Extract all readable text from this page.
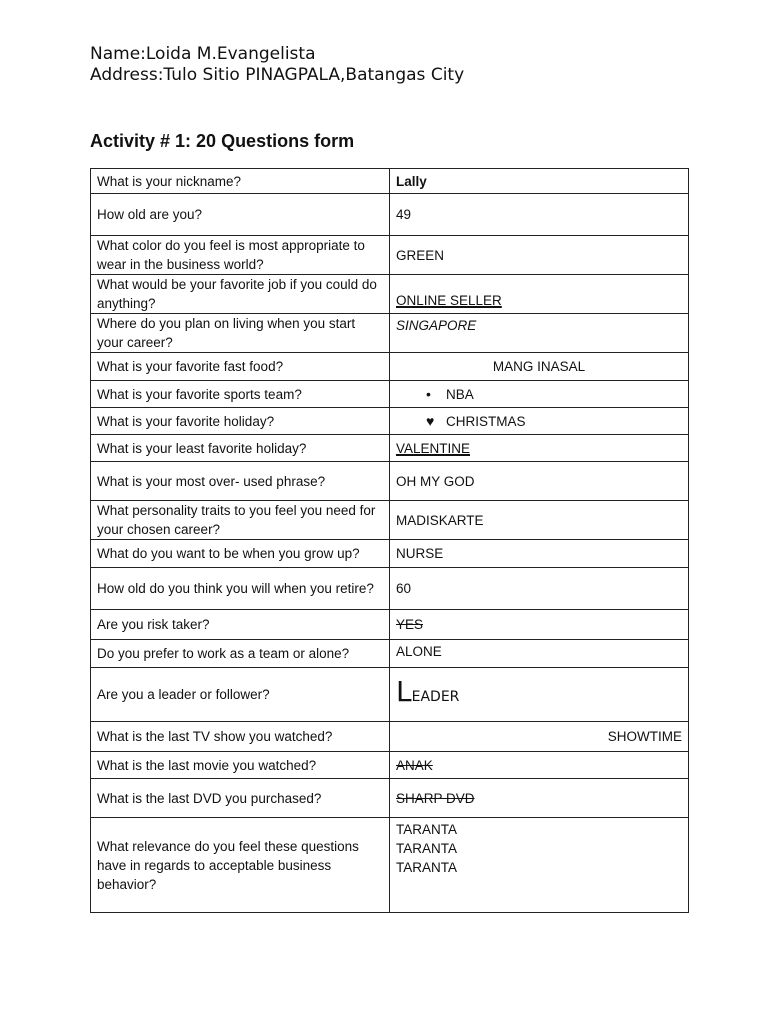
Name:Loida M.Evangelista
Address:Tulo Sitio PINAGPALA,Batangas City
Activity # 1: 20 Questions form
What is your nickname?	Lally
How old are you?	49
What color do you feel is most appropriate to wear in the business world?	GREEN
What would be your favorite job if you could do anything?	ONLINE SELLER
Where do you plan on living when you start your career?	SINGAPORE
What is your favorite fast food?	MANG INASAL
What is your favorite sports team?	• NBA

What is your favorite holiday?	♥ CHRISTMAS

What is your least favorite holiday?	VALENTINE
What is your most over- used phrase?	OH MY GOD
What personality traits to you feel you need for your chosen career?	MADISKARTE
What do you want to be when you grow up?	NURSE
How old do you think you will when you retire?	60
Are you risk taker?	YES
Do you prefer to work as a team or alone?	ALONE
Are you a leader or follower?	LEADER
What is the last TV show you watched?	SHOWTIME
What is the last movie you watched?	ANAK
What is the last DVD you purchased?	SHARP DVD
What relevance do you feel these questions have in regards to acceptable business behavior?	TARANTA
TARANTA
TARANTA
